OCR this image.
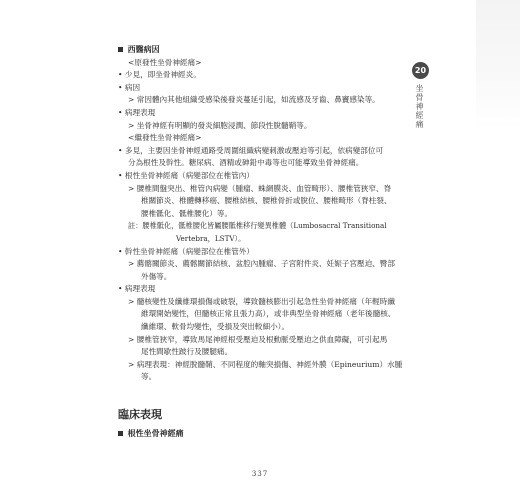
20
坐骨神經痛
西醫病因
<原發性坐骨神經痛>
• 少見，即坐骨神經炎。
• 病因
> 常因體內其他組織受感染後發炎蔓延引起，如流感及牙齒、鼻竇感染等。
• 病理表現
> 坐骨神經有明顯的發炎細胞浸潤、節段性脫髓鞘等。
<繼發性坐骨神經痛>
• 多見，主要因坐骨神經通路受周圍組織病變刺激或壓迫等引起，依病變部位可
分為根性及幹性。糖尿病、酒精或砷鉛中毒等也可能導致坐骨神經痛。
• 根性坐骨神經痛（病變部位在椎管內）
> 腰椎間盤突出、椎管內病變（腫瘤、蛛網膜炎、血管畸形）、腰椎管狹窄、脊
椎關節炎、椎體轉移癌、腰椎結核、腰椎骨折或脫位、腰椎畸形（脊柱裂、
腰椎骶化、骶椎腰化）等。
註：腰椎骶化，骶椎腰化皆屬腰骶椎移行變異椎體（Lumbosacral Transitional
Vertebra，LSTV）。
• 幹性坐骨神經痛（病變部位在椎管外）
> 薦髂關節炎、薦髂關節結核、盆腔內腫瘤、子宮附件炎、妊娠子宮壓迫、臀部
外傷等。
• 病理表現
> 髓核變性及纖維環損傷或破裂，導致髓核膨出引起急性坐骨神經痛（年輕時纖
維環開始變性，但髓核正常且張力高），或非典型坐骨神經痛（老年後髓核、
纖維環、軟骨均變性，受損及突出較細小）。
> 腰椎管狹窄，導致馬尾神經根受壓迫及根動脈受壓迫之供血障礙，可引起馬
尾性間歇性跛行及腰腿痛。
> 病理表現：神經脫髓鞘、不同程度的軸突損傷、神經外膜（Epineurium）水腫
等。
臨床表現
根性坐骨神經痛
337
